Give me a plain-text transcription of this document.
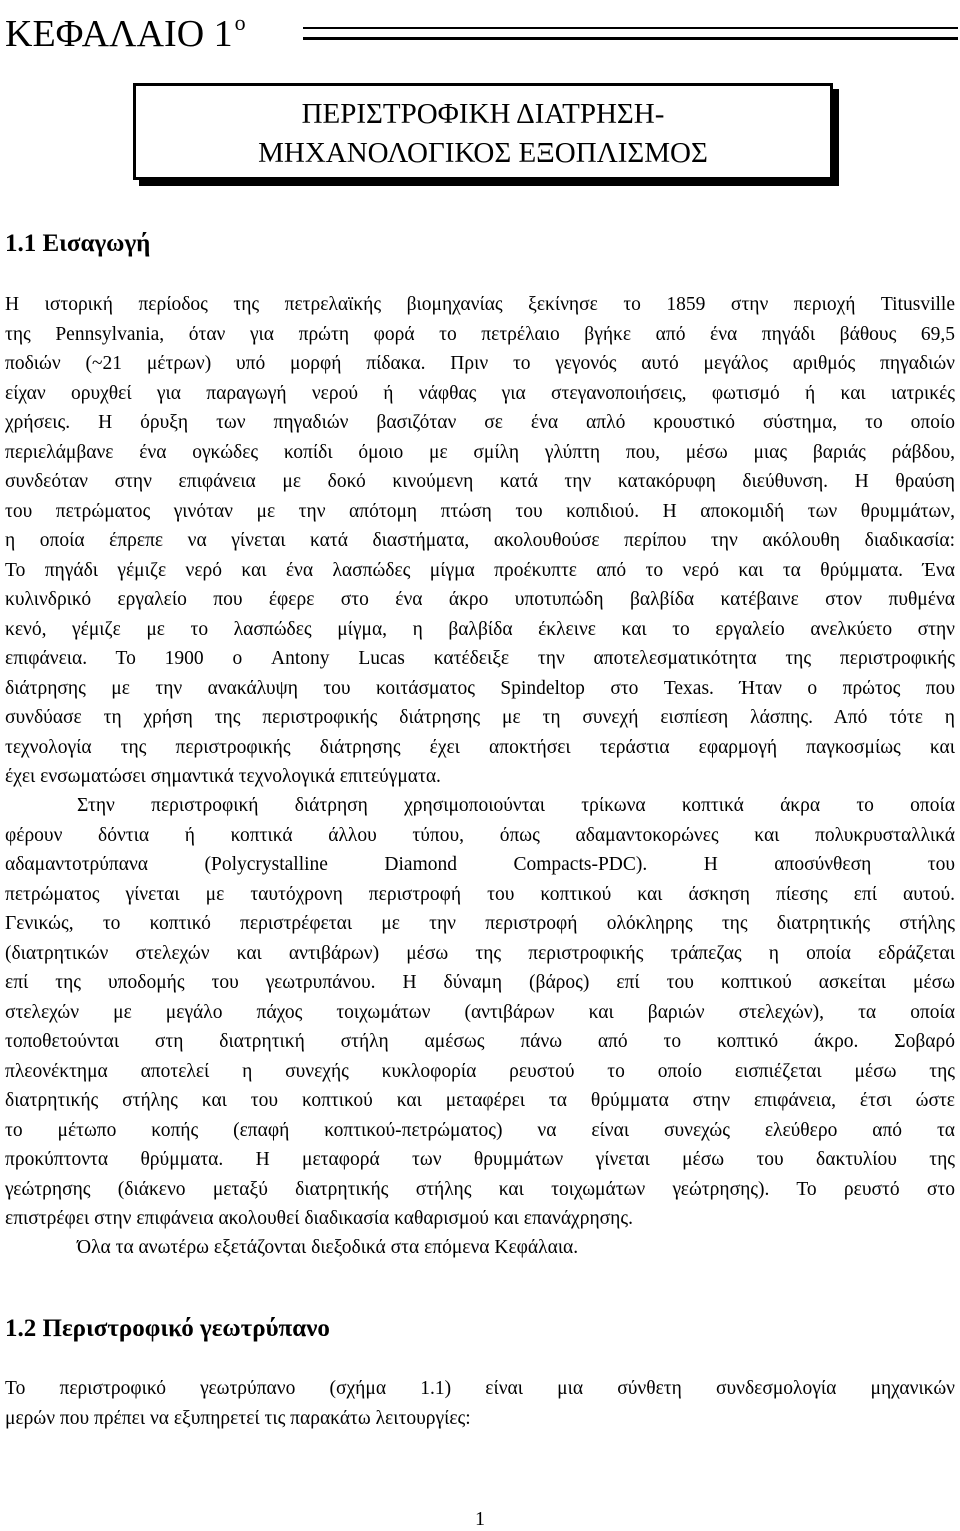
ΚΕΦΑΛΑΙΟ $1^o$
ΠΕΡΙΣΤΡΟΦΙΚΗ ΔΙΑΤΡΗΣΗ-
ΜΗΧΑΝΟΛΟΓΙΚΟΣ ΕΞΟΠΛΙΣΜΟΣ
1.1 Εισαγωγή
Η ιστορική περίοδος της πετρελαϊκής βιομηχανίας ξεκίνησε το 1859 στην περιοχή Titusville
της Pennsylvania, όταν για πρώτη φορά το πετρέλαιο βγήκε από ένα πηγάδι βάθους 69,5
ποδιών (~21 μέτρων) υπό μορφή πίδακα. Πριν το γεγονός αυτό μεγάλος αριθμός πηγαδιών
είχαν ορυχθεί για παραγωγή νερού ή νάφθας για στεγανοποιήσεις, φωτισμό ή και ιατρικές
χρήσεις. Η όρυξη των πηγαδιών βασιζόταν σε ένα απλό κρουστικό σύστημα, το οποίο
περιελάμβανε ένα ογκώδες κοπίδι όμοιο με σμίλη γλύπτη που, μέσω μιας βαριάς ράβδου,
συνδεόταν στην επιφάνεια με δοκό κινούμενη κατά την κατακόρυφη διεύθυνση. Η θραύση
του πετρώματος γινόταν με την απότομη πτώση του κοπιδιού. Η αποκομιδή των θρυμμάτων,
η οποία έπρεπε να γίνεται κατά διαστήματα, ακολουθούσε περίπου την ακόλουθη διαδικασία:
Το πηγάδι γέμιζε νερό και ένα λασπώδες μίγμα προέκυπτε από το νερό και τα θρύμματα. Ένα
κυλινδρικό εργαλείο που έφερε στο ένα άκρο υποτυπώδη βαλβίδα κατέβαινε στον πυθμένα
κενό, γέμιζε με το λασπώδες μίγμα, η βαλβίδα έκλεινε και το εργαλείο ανελκύετο στην
επιφάνεια. Το 1900 ο Antony Lucas κατέδειξε την αποτελεσματικότητα της περιστροφικής
διάτρησης με την ανακάλυψη του κοιτάσματος Spindeltop στο Texas. Ήταν ο πρώτος που
συνδύασε τη χρήση της περιστροφικής διάτρησης με τη συνεχή εισπίεση λάσπης. Από τότε η
τεχνολογία της περιστροφικής διάτρησης έχει αποκτήσει τεράστια εφαρμογή παγκοσμίως και
έχει ενσωματώσει σημαντικά τεχνολογικά επιτεύγματα.
Στην περιστροφική διάτρηση χρησιμοποιούνται τρίκωνα κοπτικά άκρα το οποία
φέρουν δόντια ή κοπτικά άλλου τύπου, όπως αδαμαντοκορώνες και πολυκρυσταλλικά
αδαμαντοτρύπανα (Polycrystalline Diamond Compacts-PDC). Η αποσύνθεση του
πετρώματος γίνεται με ταυτόχρονη περιστροφή του κοπτικού και άσκηση πίεσης επί αυτού.
Γενικώς, το κοπτικό περιστρέφεται με την περιστροφή ολόκληρης της διατρητικής στήλης
(διατρητικών στελεχών και αντιβάρων) μέσω της περιστροφικής τράπεζας η οποία εδράζεται
επί της υποδομής του γεωτρυπάνου. Η δύναμη (βάρος) επί του κοπτικού ασκείται μέσω
στελεχών με μεγάλο πάχος τοιχωμάτων (αντιβάρων και βαριών στελεχών), τα οποία
τοποθετούνται στη διατρητική στήλη αμέσως πάνω από το κοπτικό άκρο. Σοβαρό
πλεονέκτημα αποτελεί η συνεχής κυκλοφορία ρευστού το οποίο εισπιέζεται μέσω της
διατρητικής στήλης και του κοπτικού και μεταφέρει τα θρύμματα στην επιφάνεια, έτσι ώστε
το μέτωπο κοπής (επαφή κοπτικού-πετρώματος) να είναι συνεχώς ελεύθερο από τα
προκύπτοντα θρύμματα. Η μεταφορά των θρυμμάτων γίνεται μέσω του δακτυλίου της
γεώτρησης (διάκενο μεταξύ διατρητικής στήλης και τοιχωμάτων γεώτρησης). Το ρευστό στο
επιστρέφει στην επιφάνεια ακολουθεί διαδικασία καθαρισμού και επανάχρησης.
Όλα τα ανωτέρω εξετάζονται διεξοδικά στα επόμενα Κεφάλαια.
1.2 Περιστροφικό γεωτρύπανο
Το περιστροφικό γεωτρύπανο (σχήμα 1.1) είναι μια σύνθετη συνδεσμολογία μηχανικών
μερών που πρέπει να εξυπηρετεί τις παρακάτω λειτουργίες:
1
